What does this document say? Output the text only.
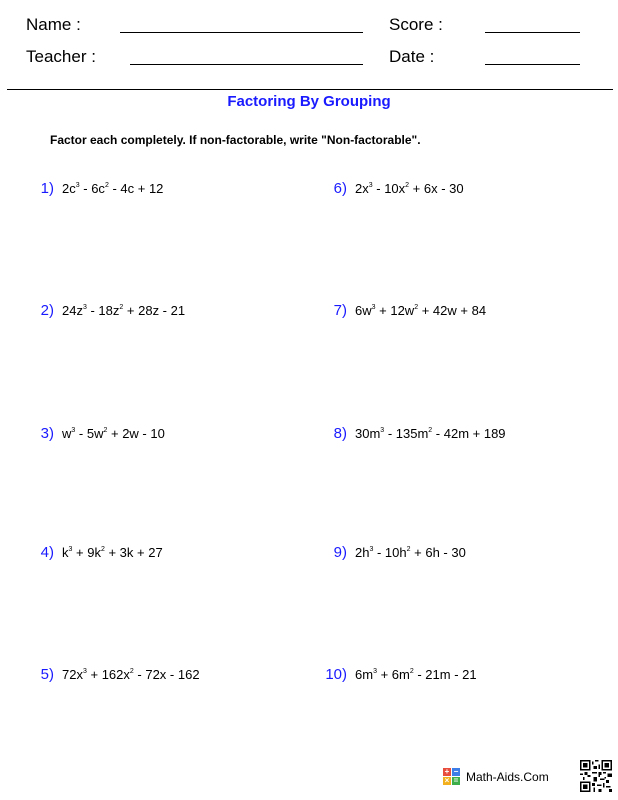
Name :
Teacher :
Score :
Date :
Factoring By Grouping
Factor each completely. If non-factorable, write "Non-factorable".
1) $2c^3 - 6c^2 - 4c + 12$
2) $24z^3 - 18z^2 + 28z - 21$
3) $w^3 - 5w^2 + 2w - 10$
4) $k^3 + 9k^2 + 3k + 27$
5) $72x^3 + 162x^2 - 72x - 162$
6) $2x^3 - 10x^2 + 6x - 30$
7) $6w^3 + 12w^2 + 42w + 84$
8) $30m^3 - 135m^2 - 42m + 189$
9) $2h^3 - 10h^2 + 6h - 30$
10) $6m^3 + 6m^2 - 21m - 21$
+ −
× = Math-Aids.Com
